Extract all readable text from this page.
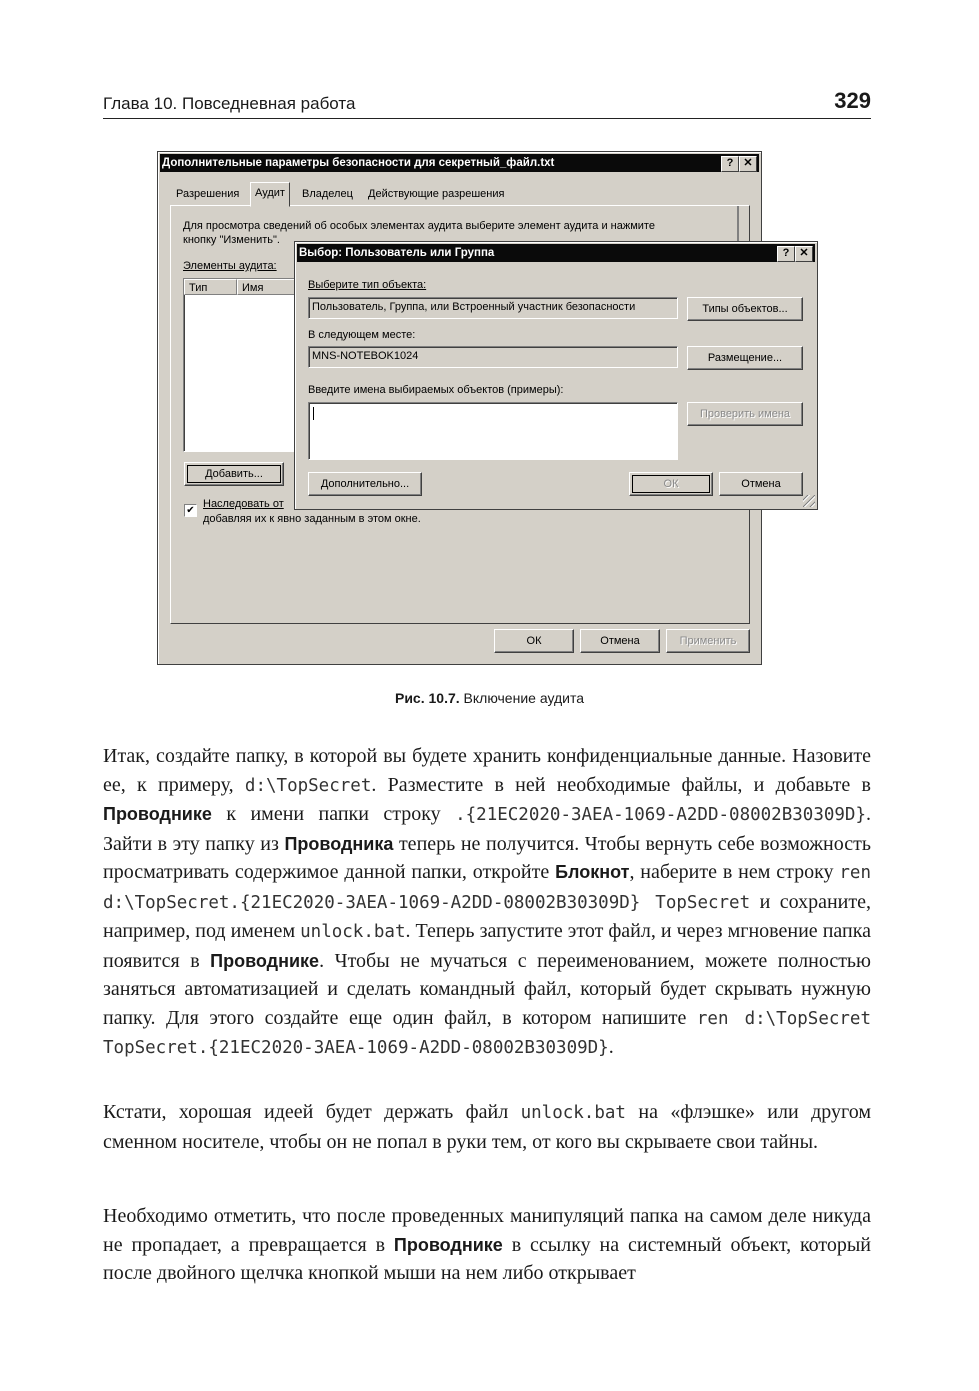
Глава 10. Повседневная работа	329
Дополнительные параметры безопасности для секретный_файл.txt	? ✕
Разрешения	Аудит	Владелец	Действующие разрешения
Для просмотра сведений об особых элементах аудита выберите элемент аудита и нажмите
кнопку "Изменить".
Элементы аудита:
Тип	Имя
Добавить...
✔
Наследовать от
добавляя их к явно заданным в этом окне.
ОК	Отмена	Применить
Выбор: Пользователь или Группа	? ✕
Выберите тип объекта:
Пользователь, Группа, или Встроенный участник безопасности	Типы объектов...
В следующем месте:
MNS-NOTEBOK1024	Размещение...
Введите имена выбираемых объектов (примеры):
Проверить имена
Дополнительно...	ОК	Отмена
Рис. 10.7. Включение аудита

Итак, создайте папку, в которой вы будете хранить конфиденциальные данные. Назовите ее, к примеру, d:\TopSecret. Разместите в ней необходимые файлы, и добавьте в Проводнике к имени папки строку .{21EC2020-3AEA-1069-A2DD-08002B30309D}. Зайти в эту папку из Проводника теперь не получится. Чтобы вернуть себе возможность просматривать содержимое данной папки, откройте Блокнот, наберите в нем строку ren d:\TopSecret.{21EC2020-3AEA-1069-A2DD-08002B30309D} TopSecret и сохраните, например, под именем unlock.bat. Теперь запустите этот файл, и через мгновение папка появится в Проводнике. Чтобы не мучаться с переименованием, можете полностью заняться автоматизацией и сделать командный файл, который будет скрывать нужную папку. Для этого создайте еще один файл, в котором напишите ren d:\TopSecret TopSecret.{21EC2020-3AEA-1069-A2DD-08002B30309D}.

Кстати, хорошая идеей будет держать файл unlock.bat на «флэшке» или другом сменном носителе, чтобы он не попал в руки тем, от кого вы скрываете свои тайны.

Необходимо отметить, что после проведенных манипуляций папка на самом деле никуда не пропадает, а превращается в Проводнике в ссылку на системный объект, который после двойного щелчка кнопкой мыши на нем либо открывает
